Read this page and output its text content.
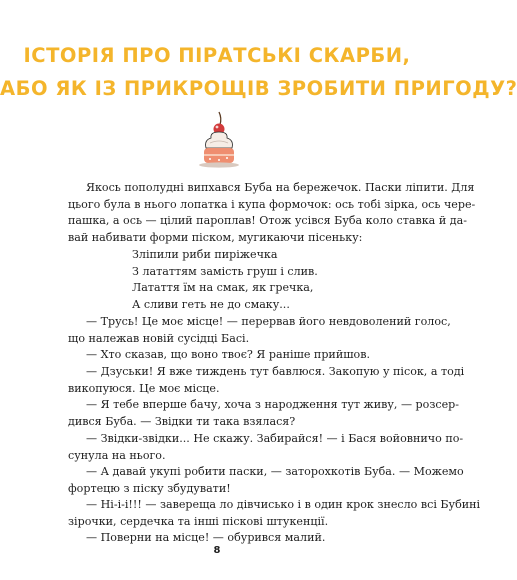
ІСТОРІЯ ПРО ПІРАТСЬКІ СКАРБИ,
АБО ЯК ІЗ ПРИКРОЩІВ ЗРОБИТИ ПРИГОДУ?
Якось пополудні випхався Буба на бережечок. Паски ліпити. Для
цього була в нього лопатка і купа формочок: ось тобі зірка, ось чере-
пашка, а ось — цілий пароплав! Отож усівся Буба коло ставка й да-
вай набивати форми піском, мугикаючи пісеньку:
Зліпили риби пиріжечка
З лататтям замість груш і слив.
Латаття їм на смак, як гречка,
А сливи геть не до смаку...
— Трусь! Це моє місце! — перервав його невдоволений голос,
що належав новій сусідці Басі.
— Хто сказав, що воно твоє? Я раніше прийшов.
— Дзуськи! Я вже тиждень тут бавлюся. Закопую у пісок, а тоді
викопуюся. Це моє місце.
— Я тебе вперше бачу, хоча з народження тут живу, — розсер-
дився Буба. — Звідки ти така взялася?
— Звідки-звідки... Не скажу. Забирайся! — і Бася войовничо по-
сунула на нього.
— А давай укупі робити паски, — заторохкотів Буба. — Можемо
фортецю з піску збудувати!
— Ні-і-і!!! — завереща ло дівчисько і в один крок знесло всі Бубині
зірочки, сердечка та інші піскові штукенції.
— Поверни на місце! — обурився малий.
8
